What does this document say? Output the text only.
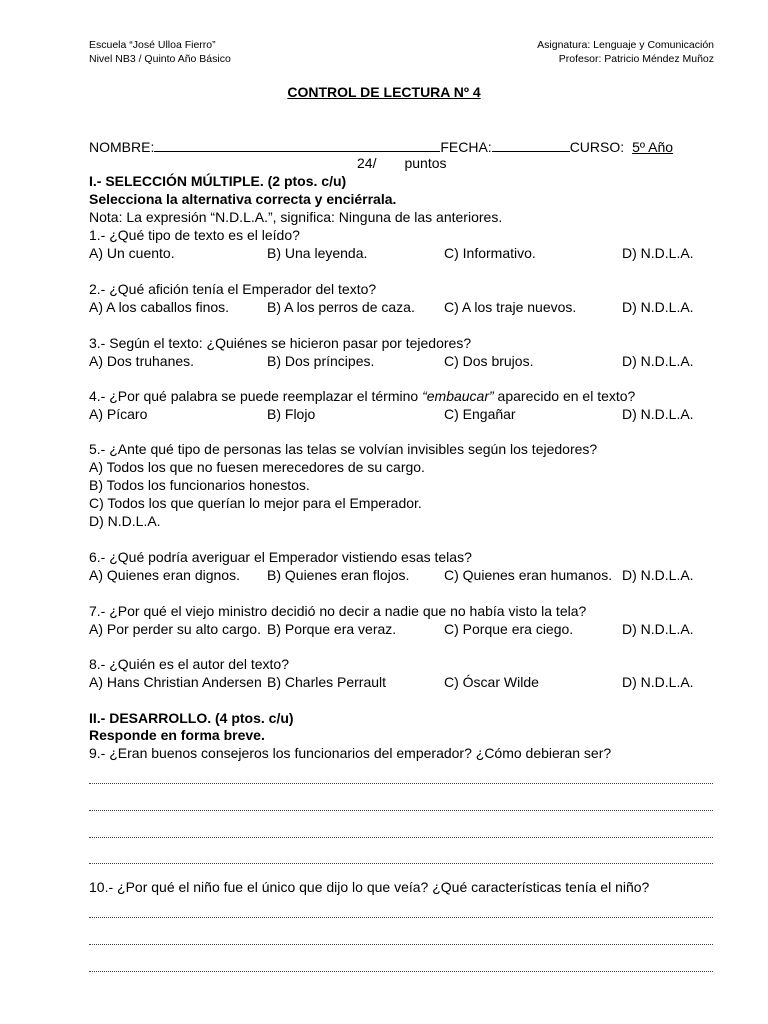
Escuela “José Ulloa Fierro”
Nivel NB3 / Quinto Año Básico
Asignatura: Lenguaje y Comunicación
Profesor: Patricio Méndez Muñoz
CONTROL DE LECTURA Nº 4
NOMBRE:	FECHA:	CURSO: 5º Año
24/ puntos
I.- SELECCIÓN MÚLTIPLE. (2 ptos. c/u)
Selecciona la alternativa correcta y enciérrala.
Nota: La expresión “N.D.L.A.”, significa: Ninguna de las anteriores.
1.- ¿Qué tipo de texto es el leído?
A) Un cuento.	B) Una leyenda.	C) Informativo.	D) N.D.L.A.
2.- ¿Qué afición tenía el Emperador del texto?
A) A los caballos finos.	B) A los perros de caza. C) A los traje nuevos.	D) N.D.L.A.
3.- Según el texto: ¿Quiénes se hicieron pasar por tejedores?
A) Dos truhanes.	B) Dos príncipes.	C) Dos brujos.	D) N.D.L.A.
4.- ¿Por qué palabra se puede reemplazar el término “embaucar” aparecido en el texto?
A) Pícaro	B) Flojo	C) Engañar	D) N.D.L.A.
5.- ¿Ante qué tipo de personas las telas se volvían invisibles según los tejedores?
A) Todos los que no fuesen merecedores de su cargo.
B) Todos los funcionarios honestos.
C) Todos los que querían lo mejor para el Emperador.
D) N.D.L.A.
6.- ¿Qué podría averiguar el Emperador vistiendo esas telas?
A) Quienes eran dignos. B) Quienes eran flojos. C) Quienes eran humanos. D) N.D.L.A.
7.- ¿Por qué el viejo ministro decidió no decir a nadie que no había visto la tela?
A) Por perder su alto cargo. B) Porque era veraz.	C) Porque era ciego.	D) N.D.L.A.
8.- ¿Quién es el autor del texto?
A) Hans Christian Andersen B) Charles Perrault	C) Óscar Wilde	D) N.D.L.A.
II.- DESARROLLO. (4 ptos. c/u)
Responde en forma breve.
9.- ¿Eran buenos consejeros los funcionarios del emperador? ¿Cómo debieran ser?
10.- ¿Por qué el niño fue el único que dijo lo que veía? ¿Qué características tenía el niño?
